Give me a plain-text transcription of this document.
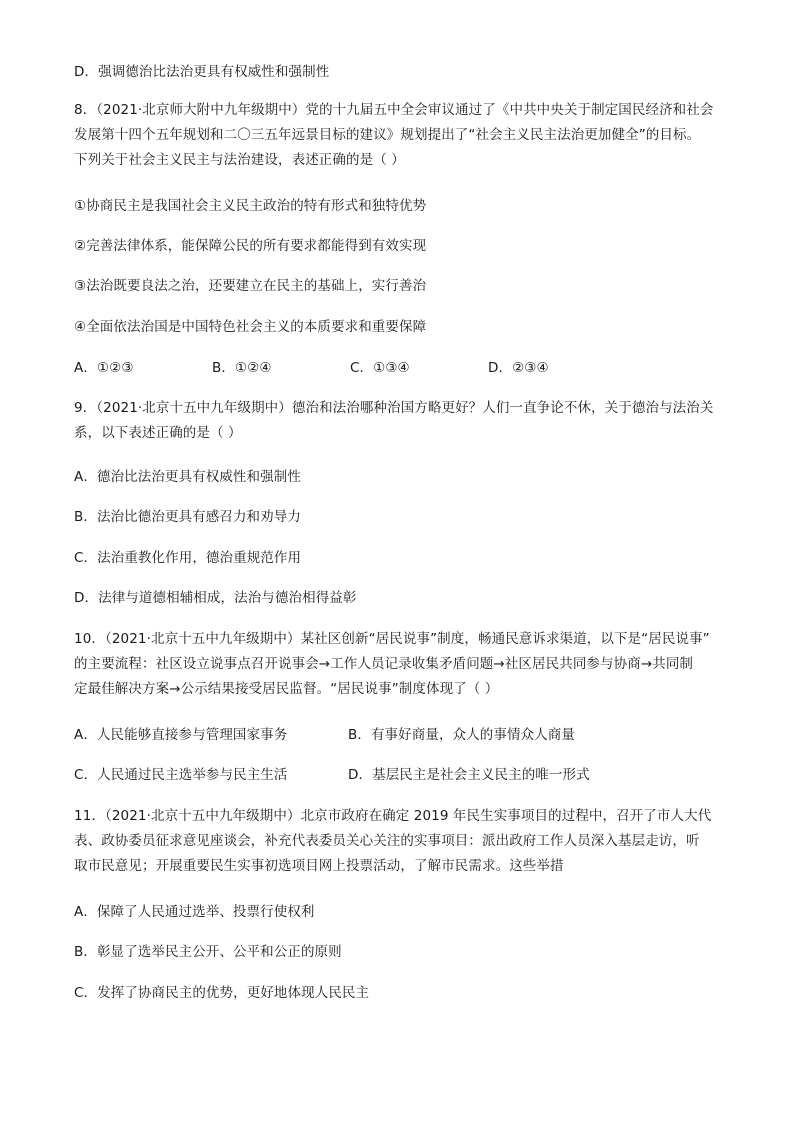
D．强调德治比法治更具有权威性和强制性

8．（2021·北京师大附中九年级期中）党的十九届五中全会审议通过了《中共中央关于制定国民经济和社会
发展第十四个五年规划和二〇三五年远景目标的建议》规划提出了“社会主义民主法治更加健全”的目标。
下列关于社会主义民主与法治建设，表述正确的是（ ）

①协商民主是我国社会主义民主政治的特有形式和独特优势

②完善法律体系，能保障公民的所有要求都能得到有效实现

③法治既要良法之治，还要建立在民主的基础上，实行善治

④全面依法治国是中国特色社会主义的本质要求和重要保障

A．①②③	B．①②④	C．①③④	D．②③④
9．（2021·北京十五中九年级期中）德治和法治哪种治国方略更好？人们一直争论不休，关于德治与法治关
系，以下表述正确的是（ ）

A．德治比法治更具有权威性和强制性

B．法治比德治更具有感召力和劝导力

C．法治重教化作用，德治重规范作用

D．法律与道德相辅相成，法治与德治相得益彰

10．（2021·北京十五中九年级期中）某社区创新“居民说事”制度，畅通民意诉求渠道，以下是“居民说事”
的主要流程：社区设立说事点召开说事会→工作人员记录收集矛盾问题→社区居民共同参与协商→共同制
定最佳解决方案→公示结果接受居民监督。“居民说事”制度体现了（ ）
A．人民能够直接参与管理国家事务	B．有事好商量，众人的事情众人商量
C．人民通过民主选举参与民主生活	D．基层民主是社会主义民主的唯一形式
11．（2021·北京十五中九年级期中）北京市政府在确定 2019 年民生实事项目的过程中，召开了市人大代
表、政协委员征求意见座谈会，补充代表委员关心关注的实事项目：派出政府工作人员深入基层走访，听
取市民意见；开展重要民生实事初选项目网上投票活动，了解市民需求。这些举措

A．保障了人民通过选举、投票行使权利

B．彰显了选举民主公开、公平和公正的原则

C．发挥了协商民主的优势，更好地体现人民民主
